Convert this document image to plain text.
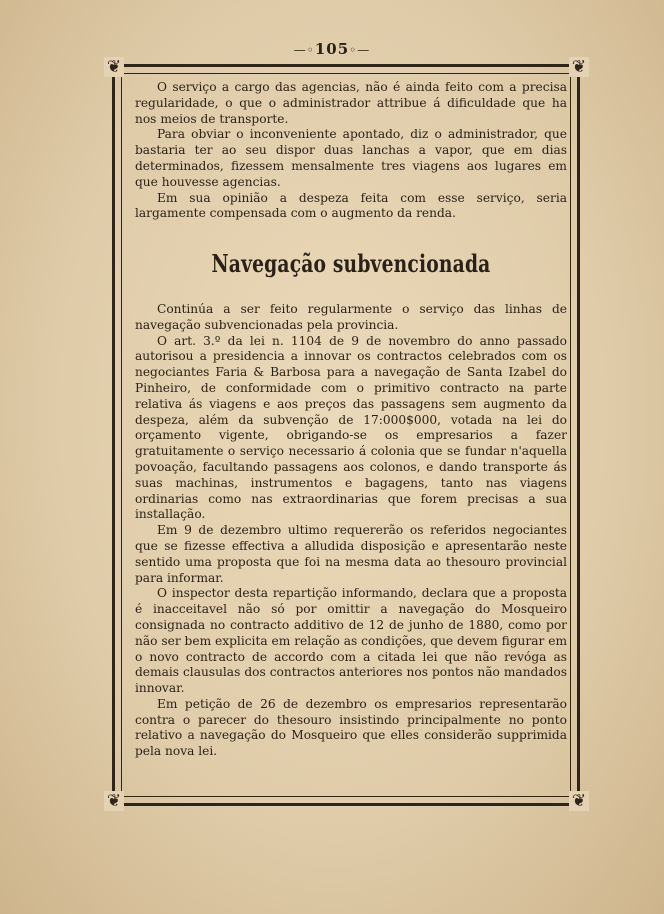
—◦105◦—
❦	❦
❦	❦

O serviço a cargo das agencias, não é ainda feito com a precisa regularidade, o que o administrador attribue á dificuldade que ha nos meios de transporte.

Para obviar o inconveniente apontado, diz o administrador, que bastaria ter ao seu dispor duas lanchas a vapor, que em dias determinados, fizessem mensalmente tres viagens aos lugares em que houvesse agencias.

Em sua opinião a despeza feita com esse serviço, seria largamente compensada com o augmento da renda.

Navegação subvencionada

Continúa a ser feito regularmente o serviço das linhas de navegação subvencionadas pela provincia.

O art. 3.º da lei n. 1104 de 9 de novembro do anno passado autorisou a presidencia a innovar os contractos celebrados com os negociantes Faria & Barbosa para a navegação de Santa Izabel do Pinheiro, de conformidade com o primitivo contracto na parte relativa ás viagens e aos preços das passagens sem augmento da despeza, além da subvenção de 17:000$000, votada na lei do orçamento vigente, obrigando-se os empresarios a fazer gratuitamente o serviço necessario á colonia que se fundar n'aquella povoação, facultando passagens aos colonos, e dando transporte ás suas machinas, instrumentos e bagagens, tanto nas viagens ordinarias como nas extraordinarias que forem precisas a sua installação.

Em 9 de dezembro ultimo requererão os referidos negociantes que se fizesse effectiva a alludida disposição e apresentarão neste sentido uma proposta que foi na mesma data ao thesouro provincial para informar.

O inspector desta repartição informando, declara que a proposta é inacceitavel não só por omittir a navegação do Mosqueiro consignada no contracto additivo de 12 de junho de 1880, como por não ser bem explicita em relação as condições, que devem figurar em o novo contracto de accordo com a citada lei que não revóga as demais clausulas dos contractos anteriores nos pontos não mandados innovar.

Em petição de 26 de dezembro os empresarios representarão contra o parecer do thesouro insistindo principalmente no ponto relativo a navegação do Mosqueiro que elles considerão supprimida pela nova lei.
